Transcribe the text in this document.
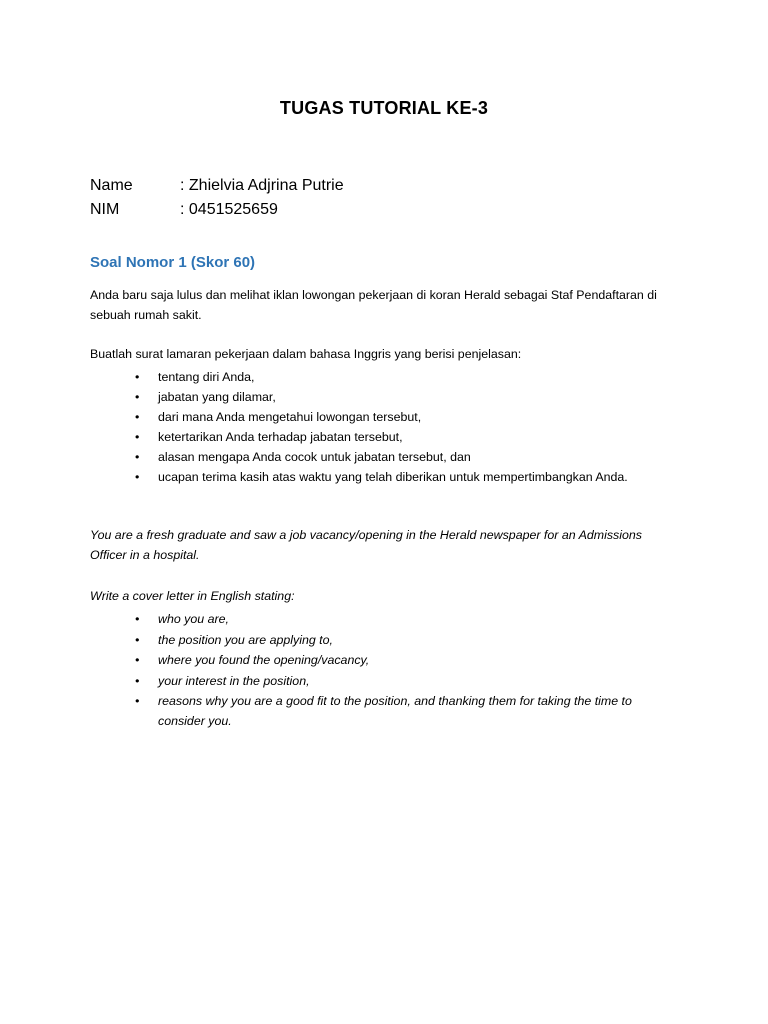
TUGAS TUTORIAL KE-3
Name	: Zhielvia Adjrina Putrie
NIM	: 0451525659
Soal Nomor 1 (Skor 60)
Anda baru saja lulus dan melihat iklan lowongan pekerjaan di koran Herald sebagai Staf Pendaftaran di sebuah rumah sakit.
Buatlah surat lamaran pekerjaan dalam bahasa Inggris yang berisi penjelasan:
• tentang diri Anda,
• jabatan yang dilamar,
• dari mana Anda mengetahui lowongan tersebut,
• ketertarikan Anda terhadap jabatan tersebut,
• alasan mengapa Anda cocok untuk jabatan tersebut, dan
• ucapan terima kasih atas waktu yang telah diberikan untuk mempertimbangkan Anda.
You are a fresh graduate and saw a job vacancy/opening in the Herald newspaper for an Admissions Officer in a hospital.
Write a cover letter in English stating:
• who you are,
• the position you are applying to,
• where you found the opening/vacancy,
• your interest in the position,
• reasons why you are a good fit to the position, and thanking them for taking the time to consider you.
